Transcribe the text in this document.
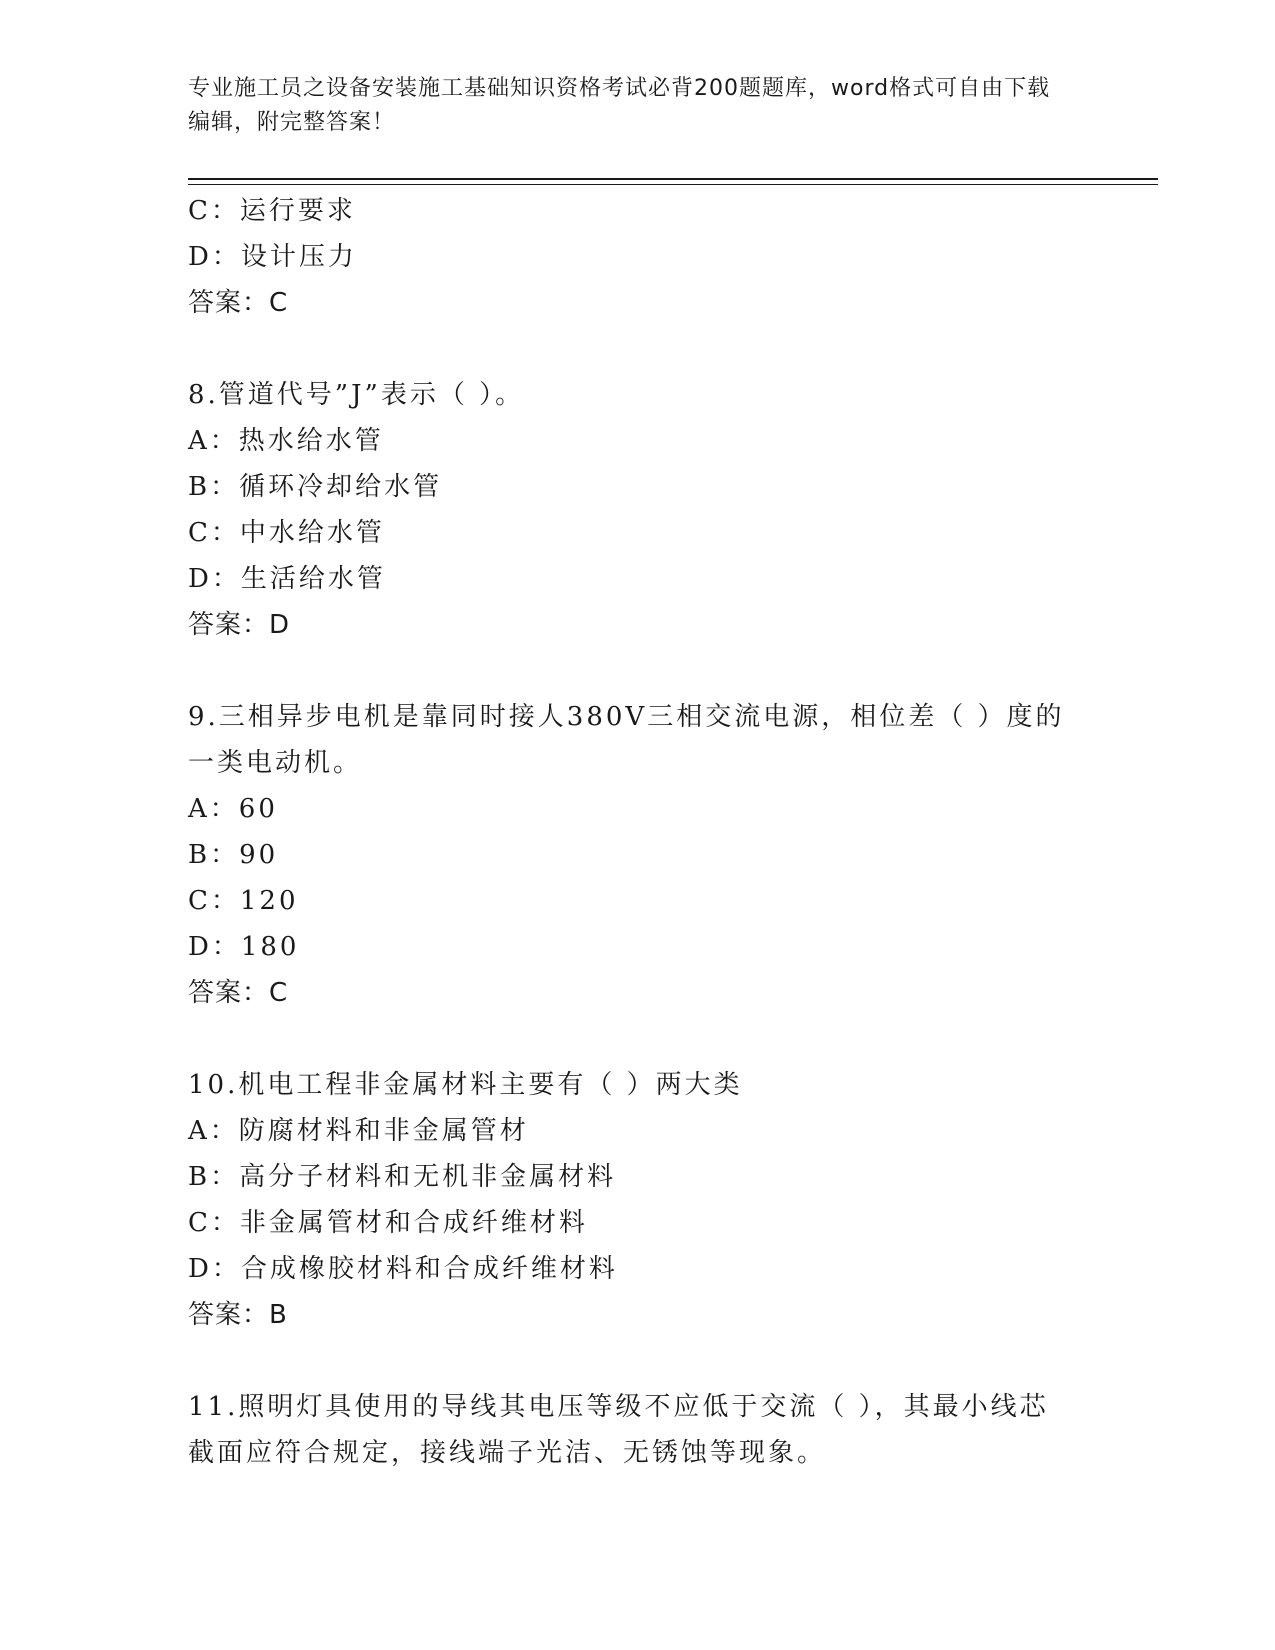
专业施工员之设备安装施工基础知识资格考试必背200题题库，word格式可自由下载编辑，附完整答案！
C：运行要求
D：设计压力
答案：C
8.管道代号”J”表示（ ）。
A：热水给水管
B：循环冷却给水管
C：中水给水管
D：生活给水管
答案：D
9.三相异步电机是靠同时接人380V三相交流电源，相位差（ ）度的一类电动机。
A：60
B：90
C：120
D：180
答案：C
10.机电工程非金属材料主要有（ ）两大类
A：防腐材料和非金属管材
B：高分子材料和无机非金属材料
C：非金属管材和合成纤维材料
D：合成橡胶材料和合成纤维材料
答案：B
11.照明灯具使用的导线其电压等级不应低于交流（ ），其最小线芯截面应符合规定，接线端子光洁、无锈蚀等现象。
